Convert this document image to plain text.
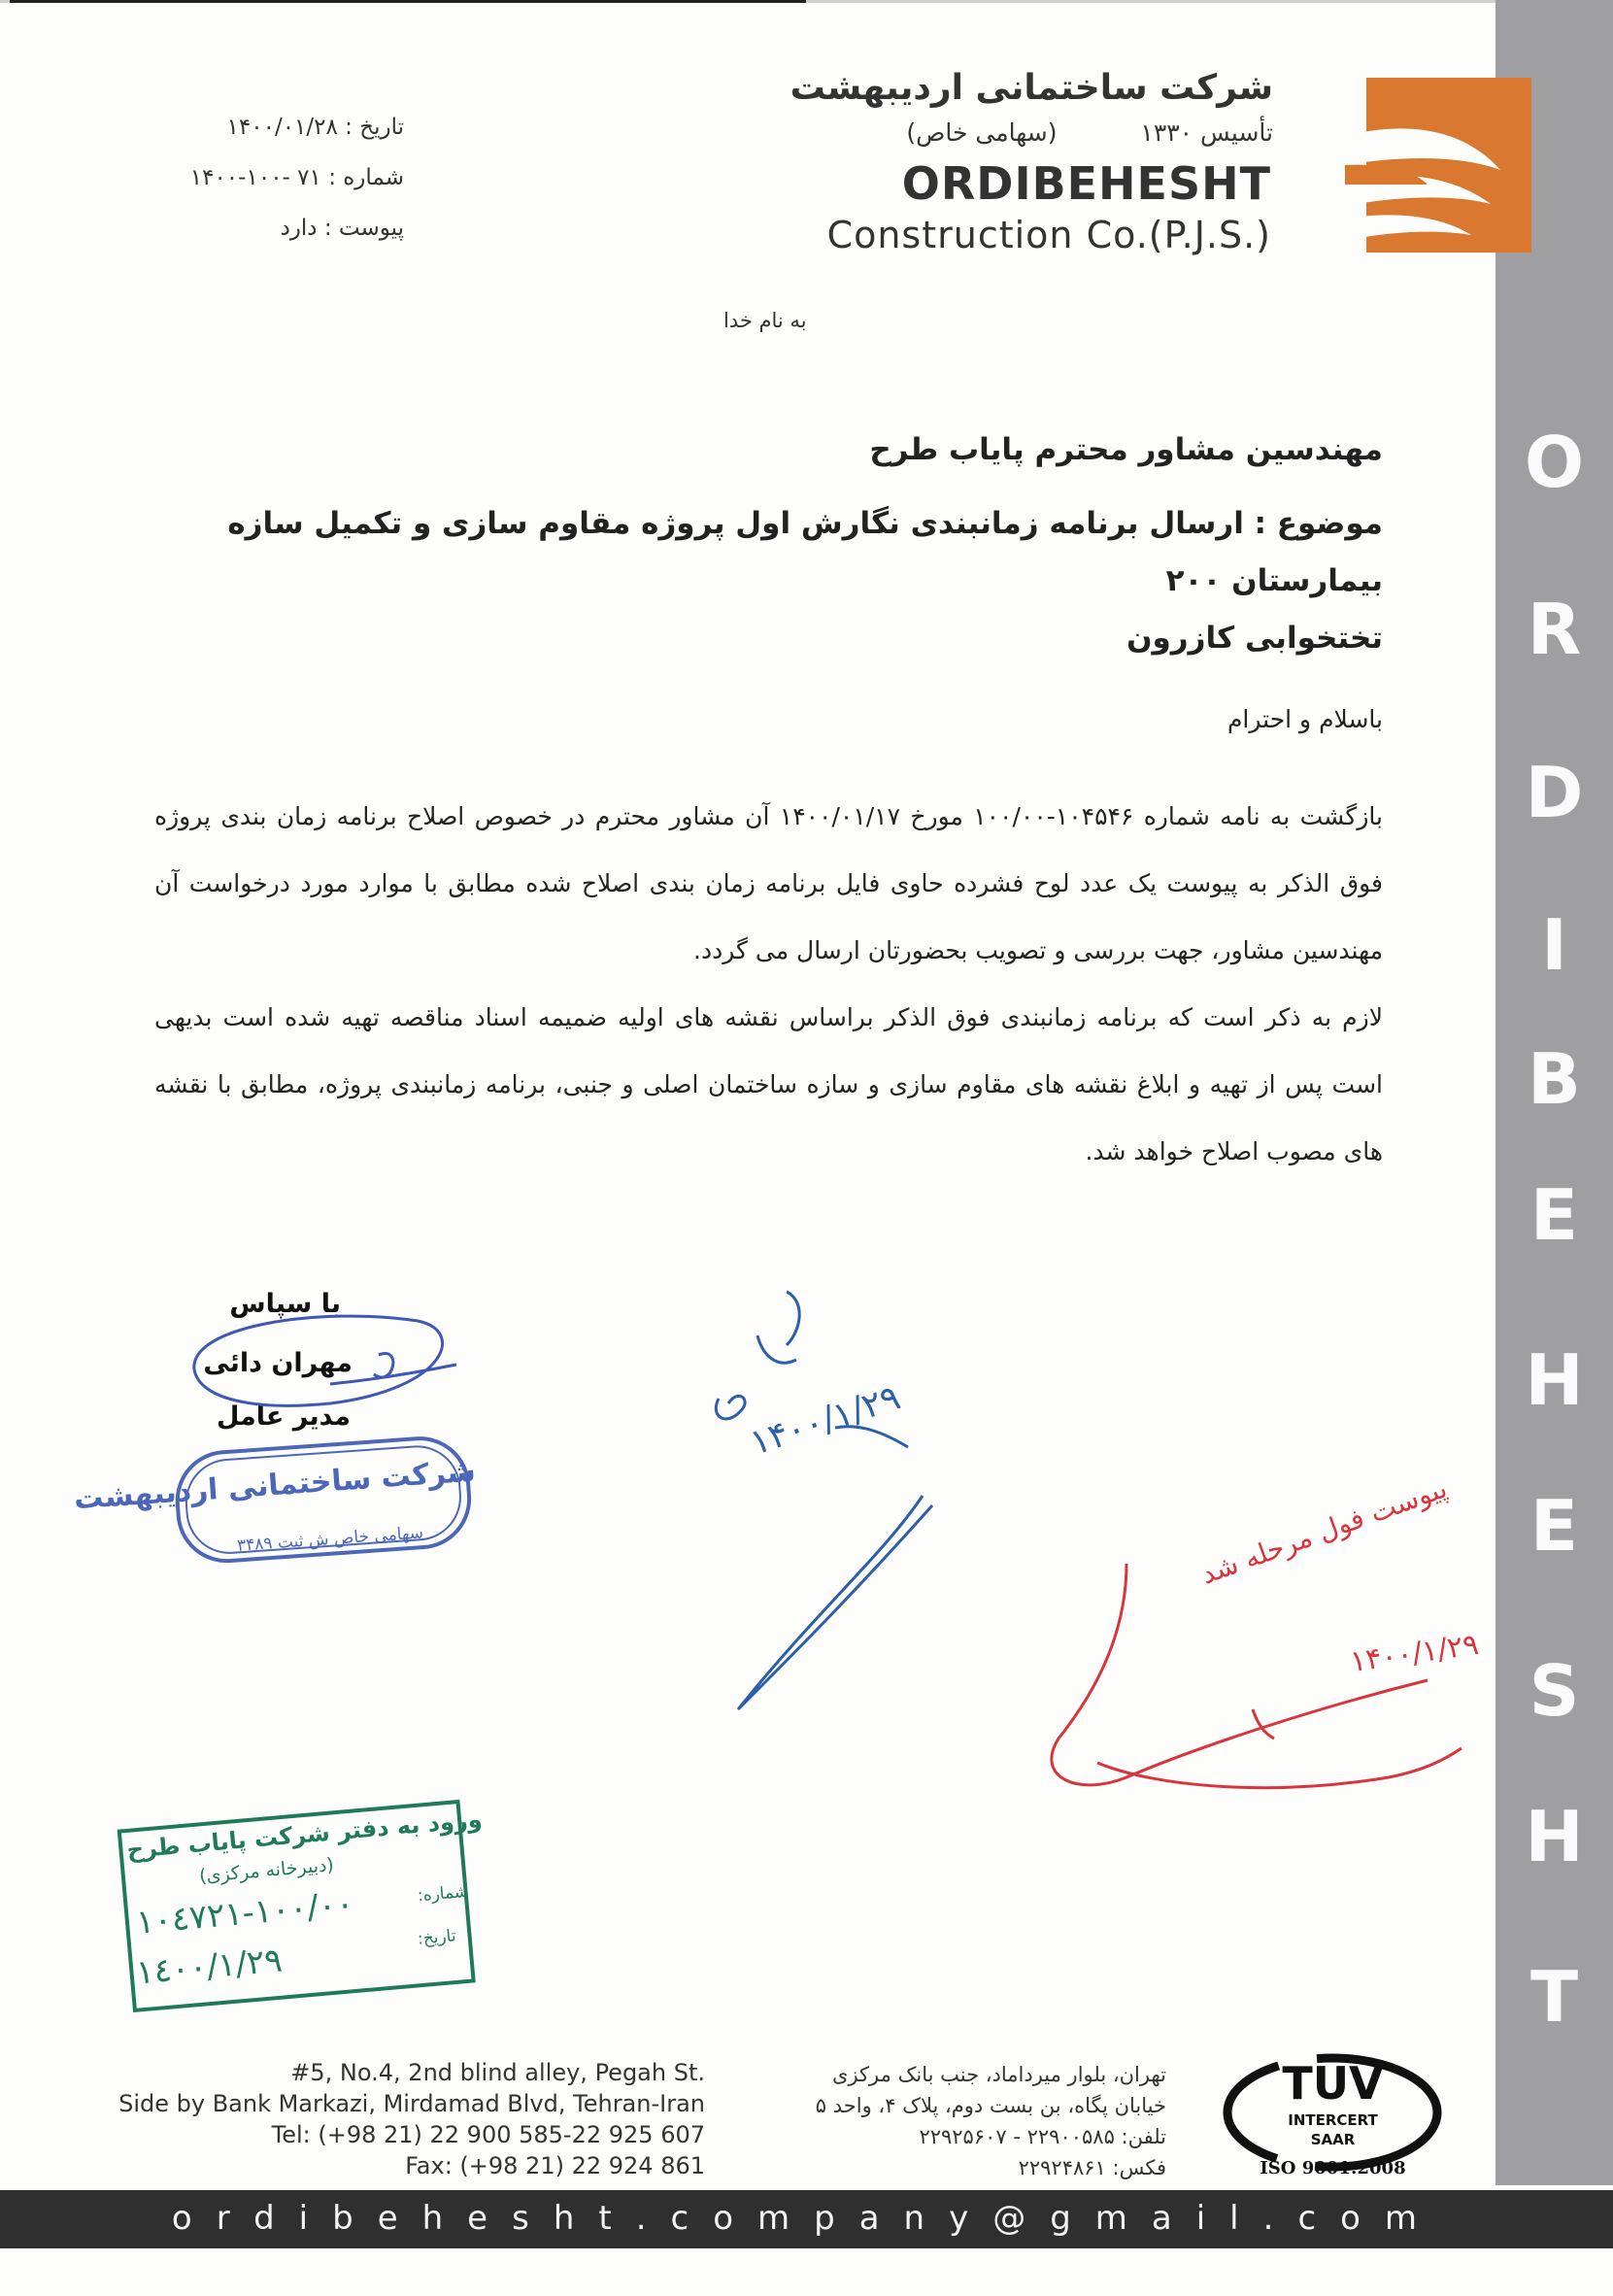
O
R
D
I
B
E
H
E
S
H
T
شرکت ساختمانی اردیبهشت
تأسیس ۱۳۳۰  (سهامی خاص)
ORDIBEHESHT
Construction Co.(P.J.S.)
تاریخ : ۱۴۰۰/۰۱/۲۸
شماره : ۷۱ -۱۰۰-۱۴۰۰
پیوست : دارد
به نام خدا
مهندسین مشاور محترم پایاب طرح
موضوع : ارسال برنامه زمانبندی نگارش اول پروژه مقاوم سازی و تکمیل سازه بیمارستان ۲۰۰
تختخوابی کازرون
باسلام و احترام

بازگشت به نامه شماره ۱۰۴۵۴۶-۱۰۰/۰۰ مورخ ۱۴۰۰/۰۱/۱۷ آن مشاور محترم در خصوص اصلاح برنامه زمان بندی پروژه فوق الذکر به پیوست یک عدد لوح فشرده حاوی فایل برنامه زمان بندی اصلاح شده مطابق با موارد مورد درخواست آن مهندسین مشاور، جهت بررسی و تصویب بحضورتان ارسال می گردد.

لازم به ذکر است که برنامه زمانبندی فوق الذکر براساس نقشه های اولیه ضمیمه اسناد مناقصه تهیه شده است بدیهی است پس از تهیه و ابلاغ نقشه های مقاوم سازی و سازه ساختمان اصلی و جنبی، برنامه زمانبندی پروژه، مطابق با نقشه های مصوب اصلاح خواهد شد.

با سپاس
مهران دائی
مدیر عامل
شرکت ساختمانی اردیبهشت
سهامی خاص ش ثبت ۳۴۸۹
۱۴۰۰/۱/۲۹
پیوست فول مرحله شد
۱۴۰۰/۱/۲۹
ورود به دفتر شرکت پایاب طرح
(دبیرخانه مرکزی)
شماره:
١٠٠/٠٠-١٠٤٧٢١
تاریخ:
١٤٠٠/١/٢٩
#5, No.4, 2nd blind alley, Pegah St.
Side by Bank Markazi, Mirdamad Blvd, Tehran-Iran
Tel: (+98 21) 22 900 585-22 925 607
Fax: (+98 21) 22 924 861
تهران، بلوار میرداماد، جنب بانک مرکزی
خیابان پگاه، بن بست دوم، پلاک ۴، واحد ۵
تلفن: ۲۲۹۰۰۵۸۵ - ۲۲۹۲۵۶۰۷
فکس: ۲۲۹۲۴۸۶۱
TÜV
INTERCERT
SAAR
ISO 9001:2008
ordibehesht.company@gmail.com
